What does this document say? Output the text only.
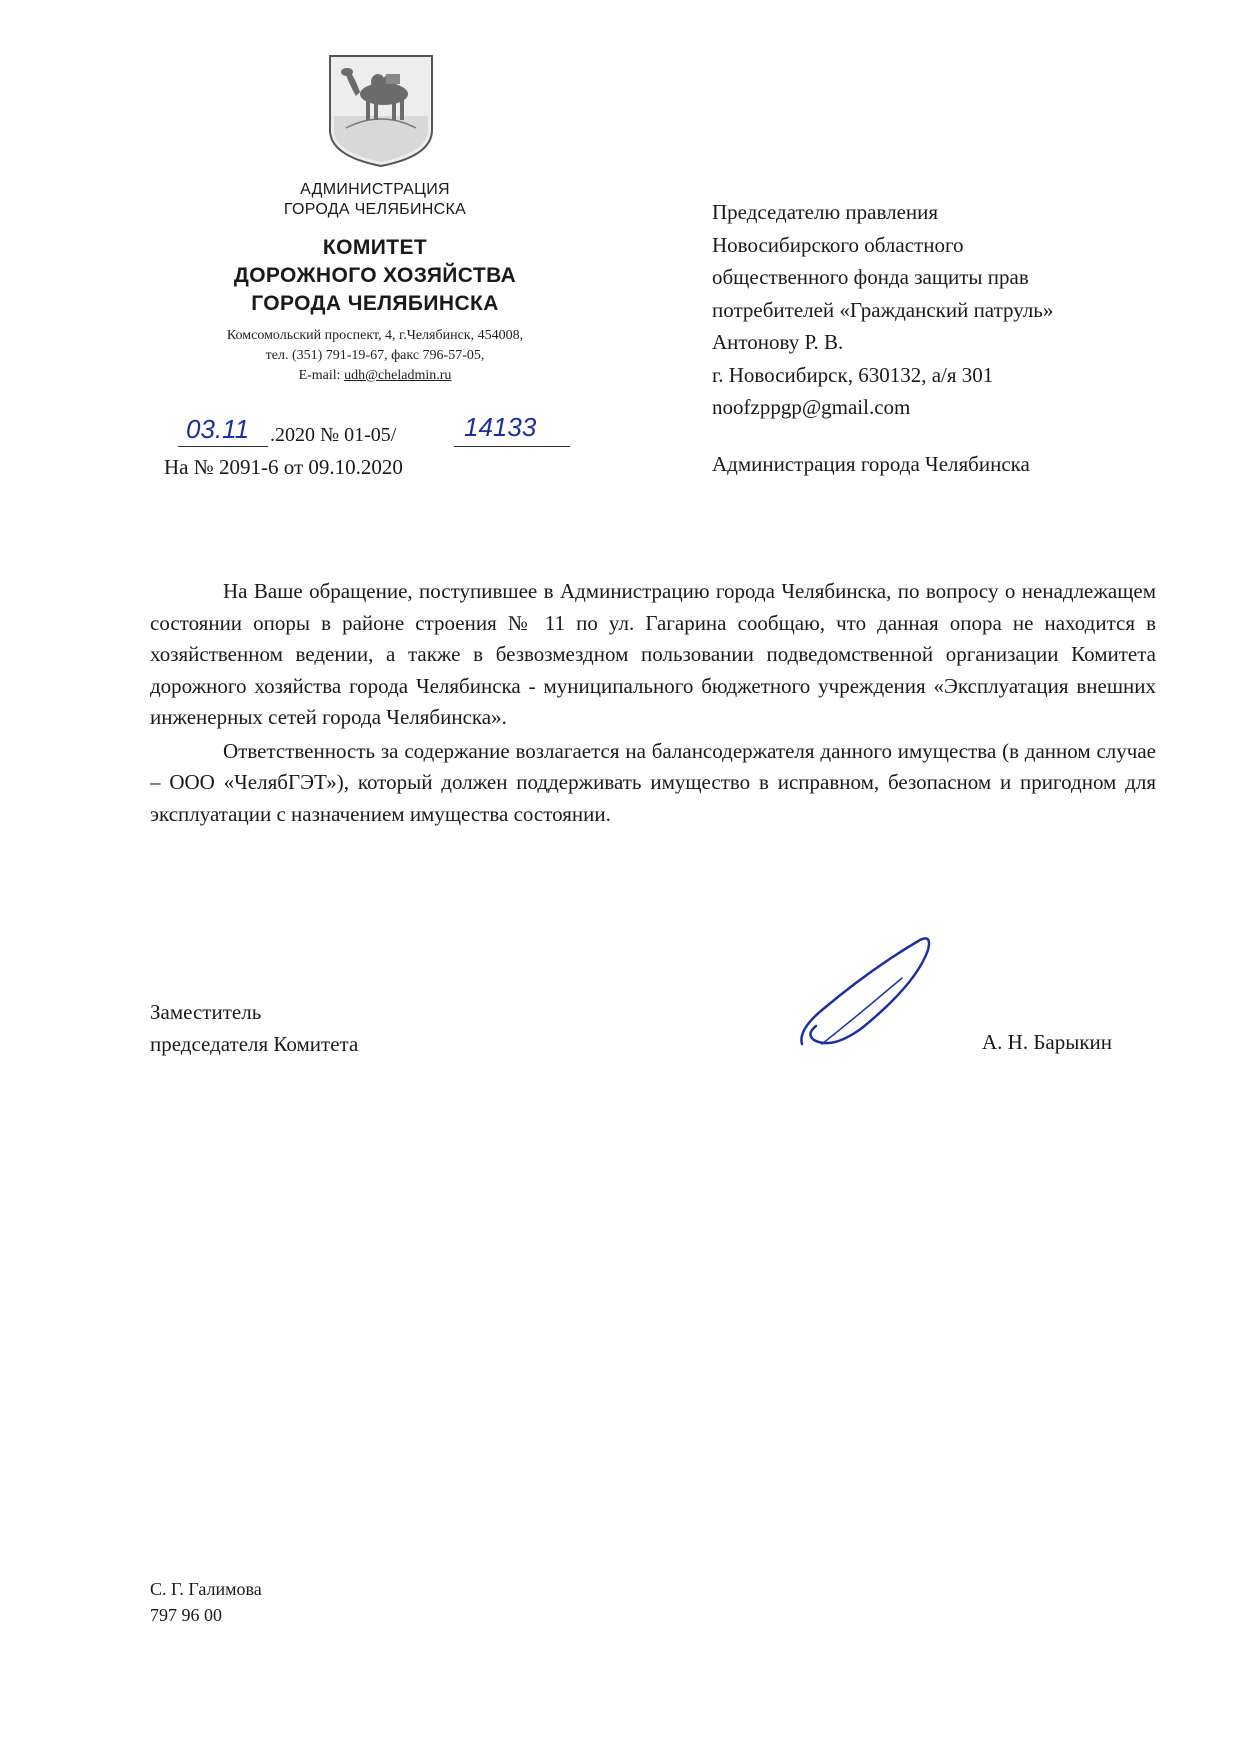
АДМИНИСТРАЦИЯ
ГОРОДА ЧЕЛЯБИНСКА
КОМИТЕТ
ДОРОЖНОГО ХОЗЯЙСТВА
ГОРОДА ЧЕЛЯБИНСКА
Комсомольский проспект, 4, г.Челябинск, 454008,
тел. (351) 791-19-67, факс 796-57-05,
E-mail: udh@cheladmin.ru
03.11 .2020 № 01-05/	14133
На № 2091-6 от 09.10.2020
Председателю правления
Новосибирского областного
общественного фонда защиты прав
потребителей «Гражданский патруль»
Антонову Р. В.
г. Новосибирск, 630132, а/я 301
noofzppgp@gmail.com
Администрация города Челябинска

На Ваше обращение, поступившее в Администрацию города Челябинска, по вопросу о ненадлежащем состоянии опоры в районе строения № 11 по ул. Гагарина сообщаю, что данная опора не находится в хозяйственном ведении, а также в безвозмездном пользовании подведомственной организации Комитета дорожного хозяйства города Челябинска - муниципального бюджетного учреждения «Эксплуатация внешних инженерных сетей города Челябинска».

Ответственность за содержание возлагается на балансодержателя данного имущества (в данном случае – ООО «ЧелябГЭТ»), который должен поддерживать имущество в исправном, безопасном и пригодном для эксплуатации с назначением имущества состоянии.

Заместитель
председателя Комитета	А. Н. Барыкин
С. Г. Галимова
797 96 00
